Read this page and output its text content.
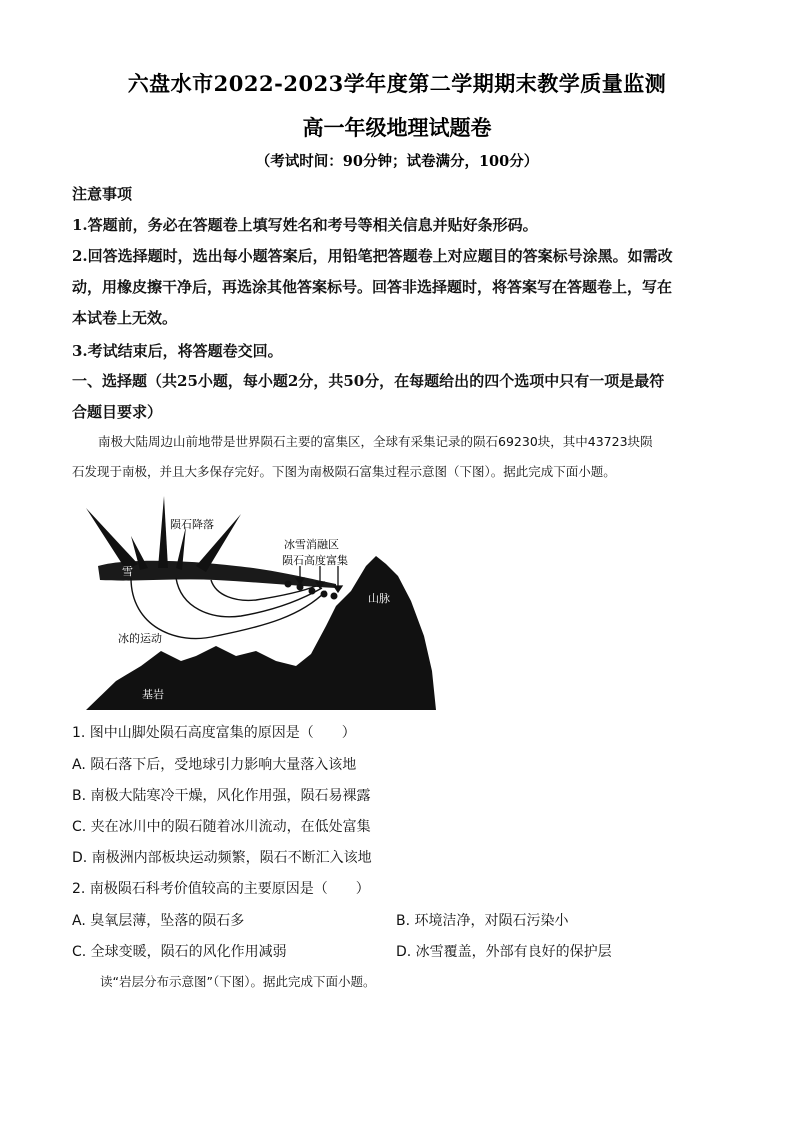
六盘水市2022-2023学年度第二学期期末教学质量监测
高一年级地理试题卷
（考试时间：90分钟；试卷满分，100分）
注意事项
1.答题前，务必在答题卷上填写姓名和考号等相关信息并贴好条形码。
2.回答选择题时，选出每小题答案后，用铅笔把答题卷上对应题目的答案标号涂黑。如需改
动，用橡皮擦干净后，再选涂其他答案标号。回答非选择题时，将答案写在答题卷上，写在
本试卷上无效。
3.考试结束后，将答题卷交回。
一、选择题（共25小题，每小题2分，共50分，在每题给出的四个选项中只有一项是最符
合题目要求）
南极大陆周边山前地带是世界陨石主要的富集区，全球有采集记录的陨石69230块，其中43723块陨
石发现于南极，并且大多保存完好。下图为南极陨石富集过程示意图（下图）。据此完成下面小题。
陨石降落
雪
冰雪消融区
陨石高度富集
山脉
冰的运动
基岩
1. 图中山脚处陨石高度富集的原因是（　　）
A. 陨石落下后，受地球引力影响大量落入该地
B. 南极大陆寒冷干燥，风化作用强，陨石易裸露
C. 夹在冰川中的陨石随着冰川流动，在低处富集
D. 南极洲内部板块运动频繁，陨石不断汇入该地
2. 南极陨石科考价值较高的主要原因是（　　）
A. 臭氧层薄，坠落的陨石多	B. 环境洁净，对陨石污染小
C. 全球变暖，陨石的风化作用减弱	D. 冰雪覆盖，外部有良好的保护层
读“岩层分布示意图”（下图）。据此完成下面小题。
